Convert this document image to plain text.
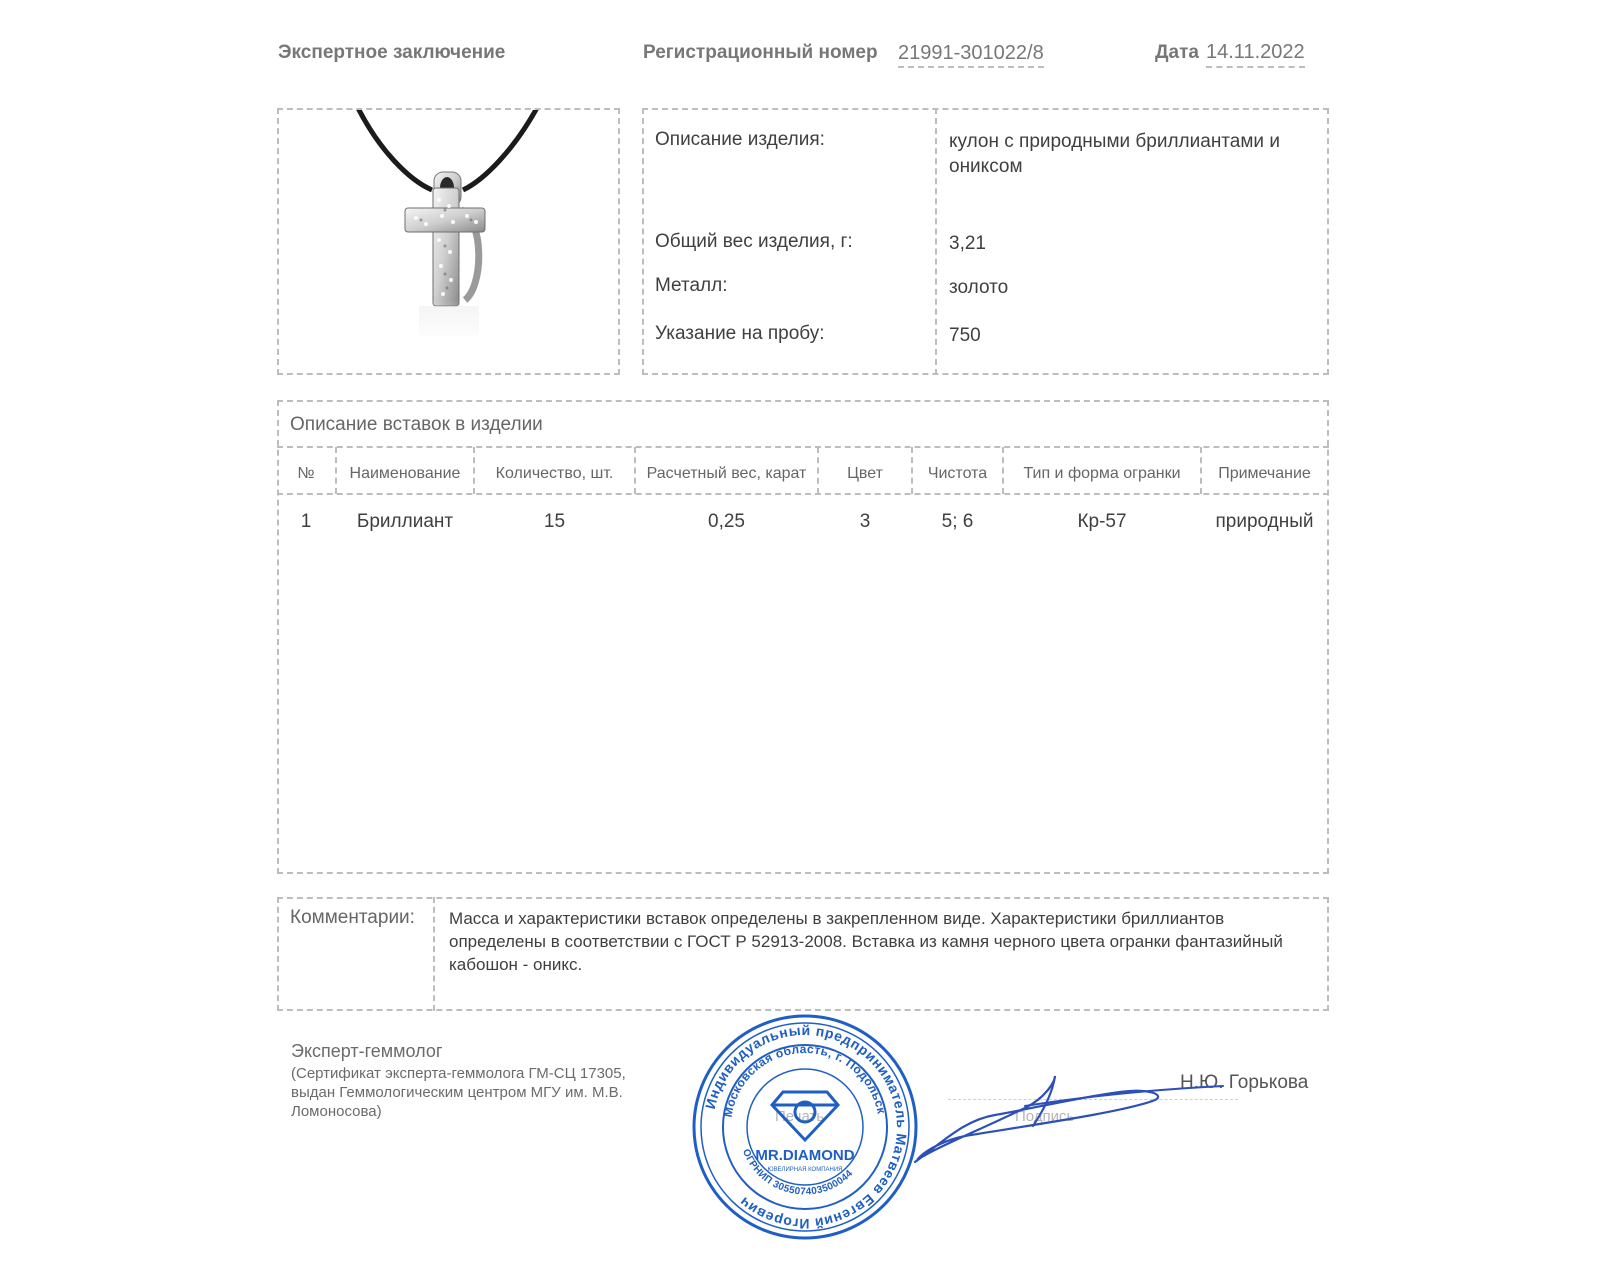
Экспертное заключение	Регистрационный номер 21991-301022/8	Дата 14.11.2022
Описание изделия:	кулон с природными бриллиантами и ониксом
Общий вес изделия, г:	3,21
Металл:	золото
Указание на пробу:	750
Описание вставок в изделии
№	Наименование	Количество, шт.	Расчетный вес, карат	Цвет	Чистота	Тип и форма огранки	Примечание
1	Бриллиант	15	0,25	3	5; 6	Кр-57	природный
Комментарии: Масса и характеристики вставок определены в закрепленном виде. Характеристики бриллиантов определены в соответствии с ГОСТ Р 52913-2008. Вставка из камня черного цвета огранки фантазийный кабошон - оникс.
Эксперт-геммолог
(Сертификат эксперта-геммолога ГМ-СЦ 17305, выдан Геммологическим центром МГУ им. М.В. Ломоносова)	Печать	Подпись
Н.Ю. Горькова
Индивидуальный предприниматель Матвеев Евгений Игоревич
Московская область, г. Подольск
ОГРНИП 305507403500044
MR.DIAMOND
ЮВЕЛИРНАЯ КОМПАНИЯ
